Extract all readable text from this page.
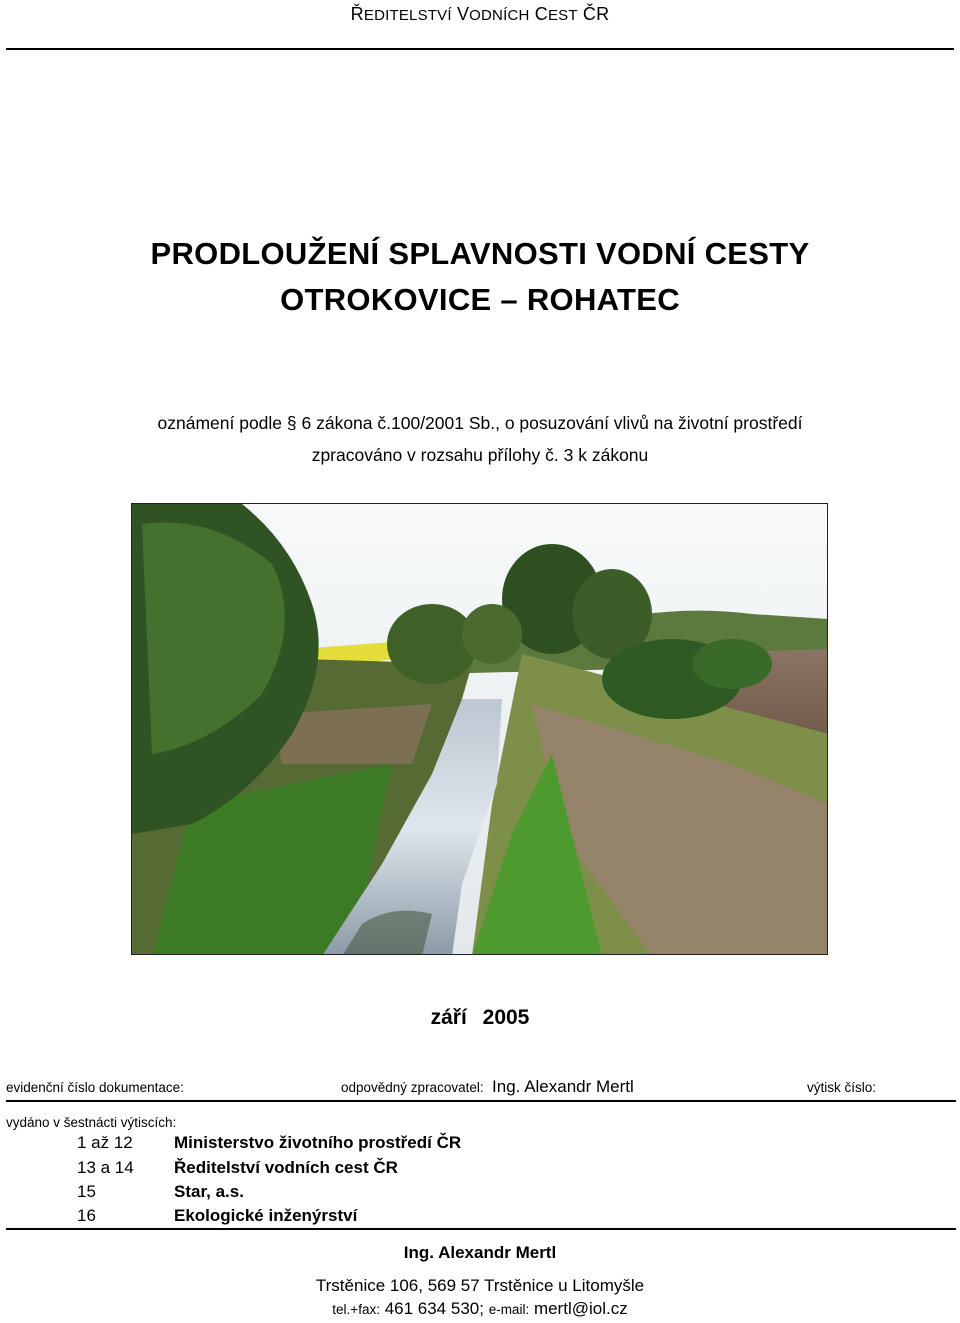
ŘEDITELSTVÍ VODNÍCH CEST ČR
PRODLOUŽENÍ SPLAVNOSTI VODNÍ CESTY
OTROKOVICE – ROHATEC
oznámení podle § 6 zákona č.100/2001 Sb., o posuzování vlivů na životní prostředí
zpracováno v rozsahu přílohy č. 3 k zákonu
září 2005
evidenční číslo dokumentace:	odpovědný zpracovatel: Ing. Alexandr Mertl	výtisk číslo:
vydáno v šestnácti výtiscích:
1 až 12 Ministerstvo životního prostředí ČR
13 a 14 Ředitelství vodních cest ČR
15	Star, a.s.
16	Ekologické inženýrství
Ing. Alexandr Mertl
Trstěnice 106, 569 57 Trstěnice u Litomyšle
tel.+fax: 461 634 530; e-mail: mertl@iol.cz
